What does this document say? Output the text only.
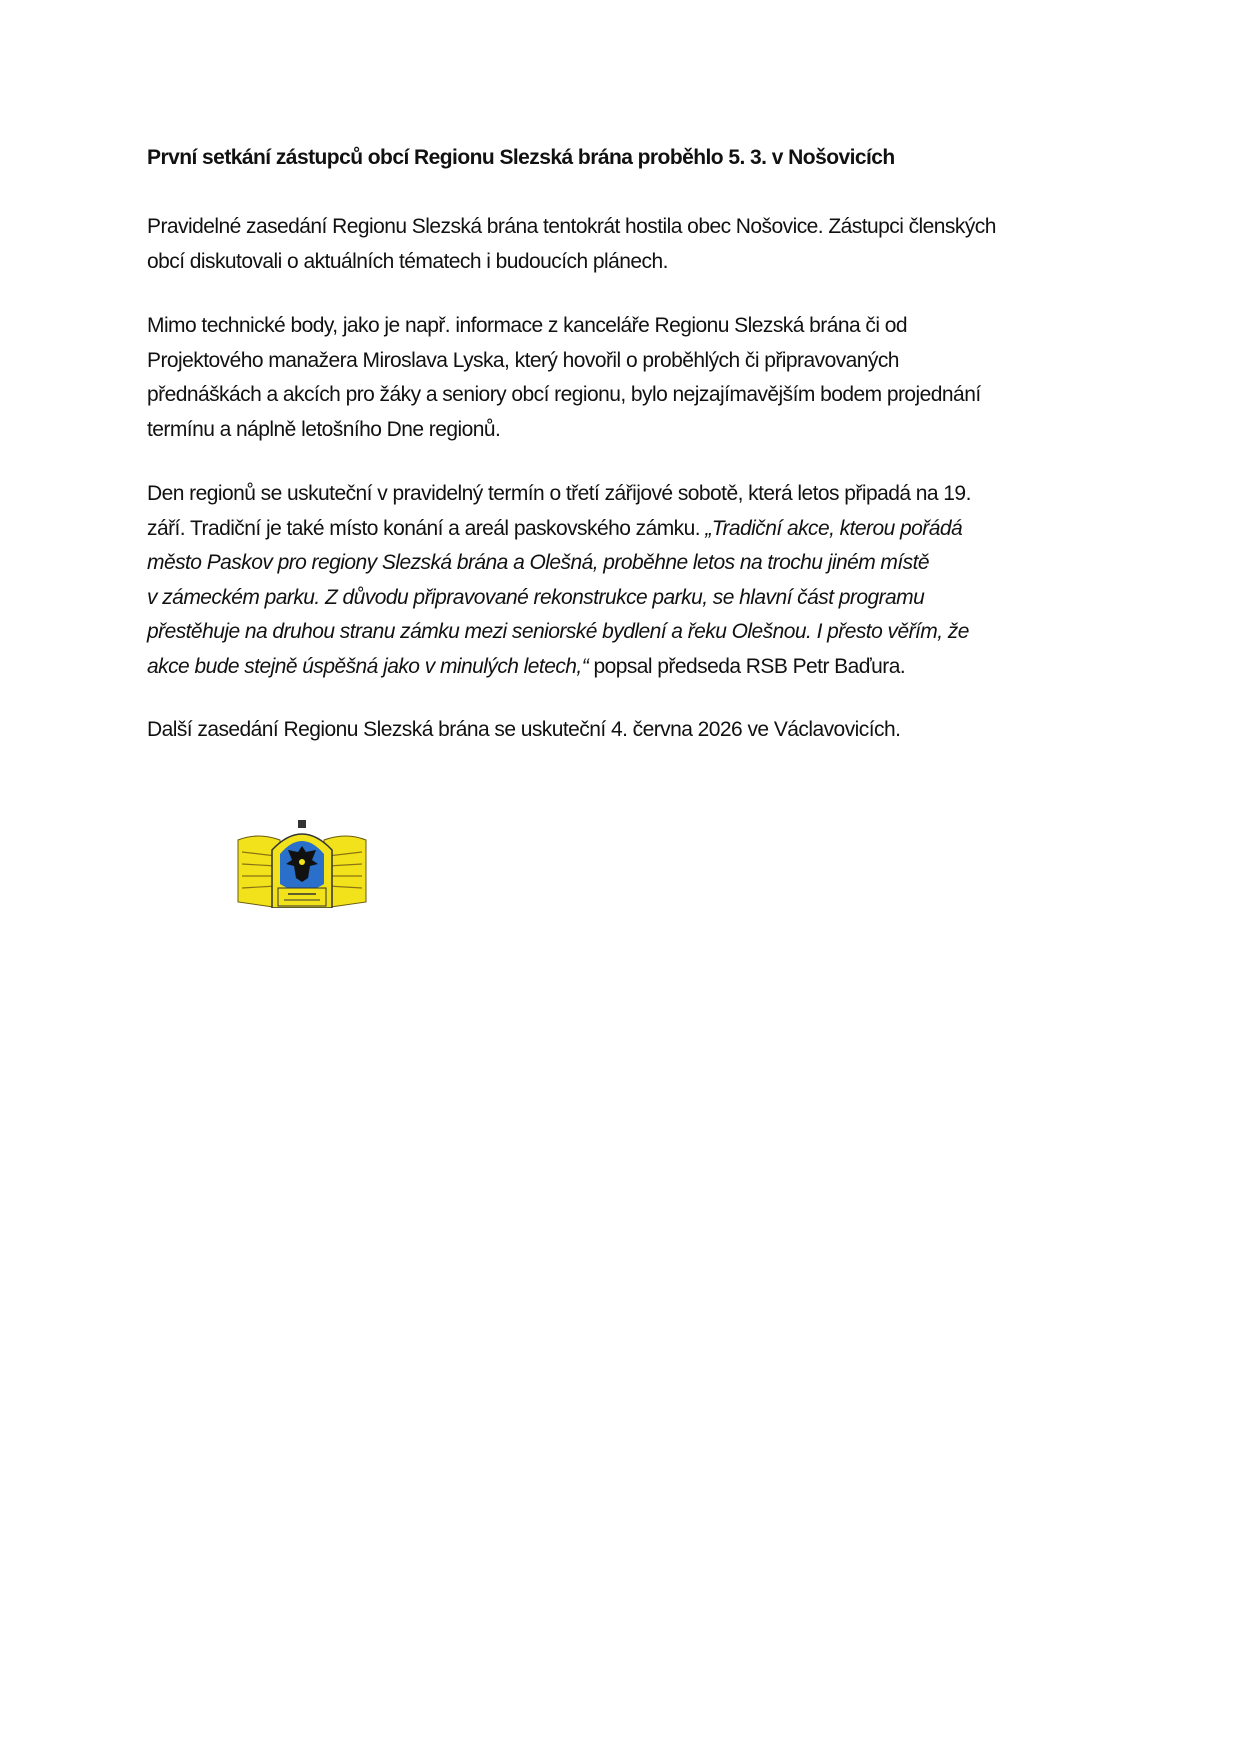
První setkání zástupců obcí Regionu Slezská brána proběhlo 5. 3. v Nošovicích
Pravidelné zasedání Regionu Slezská brána tentokrát hostila obec Nošovice. Zástupci členských
obcí diskutovali o aktuálních tématech i budoucích plánech.
Mimo technické body, jako je např. informace z kanceláře Regionu Slezská brána či od
Projektového manažera Miroslava Lyska, který hovořil o proběhlých či připravovaných
přednáškách a akcích pro žáky a seniory obcí regionu, bylo nejzajímavějším bodem projednání
termínu a náplně letošního Dne regionů.
Den regionů se uskuteční v pravidelný termín o třetí zářijové sobotě, která letos připadá na 19.
září. Tradiční je také místo konání a areál paskovského zámku. „Tradiční akce, kterou pořádá
město Paskov pro regiony Slezská brána a Olešná, proběhne letos na trochu jiném místě
v zámeckém parku. Z důvodu připravované rekonstrukce parku, se hlavní část programu
přestěhuje na druhou stranu zámku mezi seniorské bydlení a řeku Olešnou. I přesto věřím, že
akce bude stejně úspěšná jako v minulých letech,“ popsal předseda RSB Petr Baďura.
Další zasedání Regionu Slezská brána se uskuteční 4. června 2026 ve Václavovicích.
